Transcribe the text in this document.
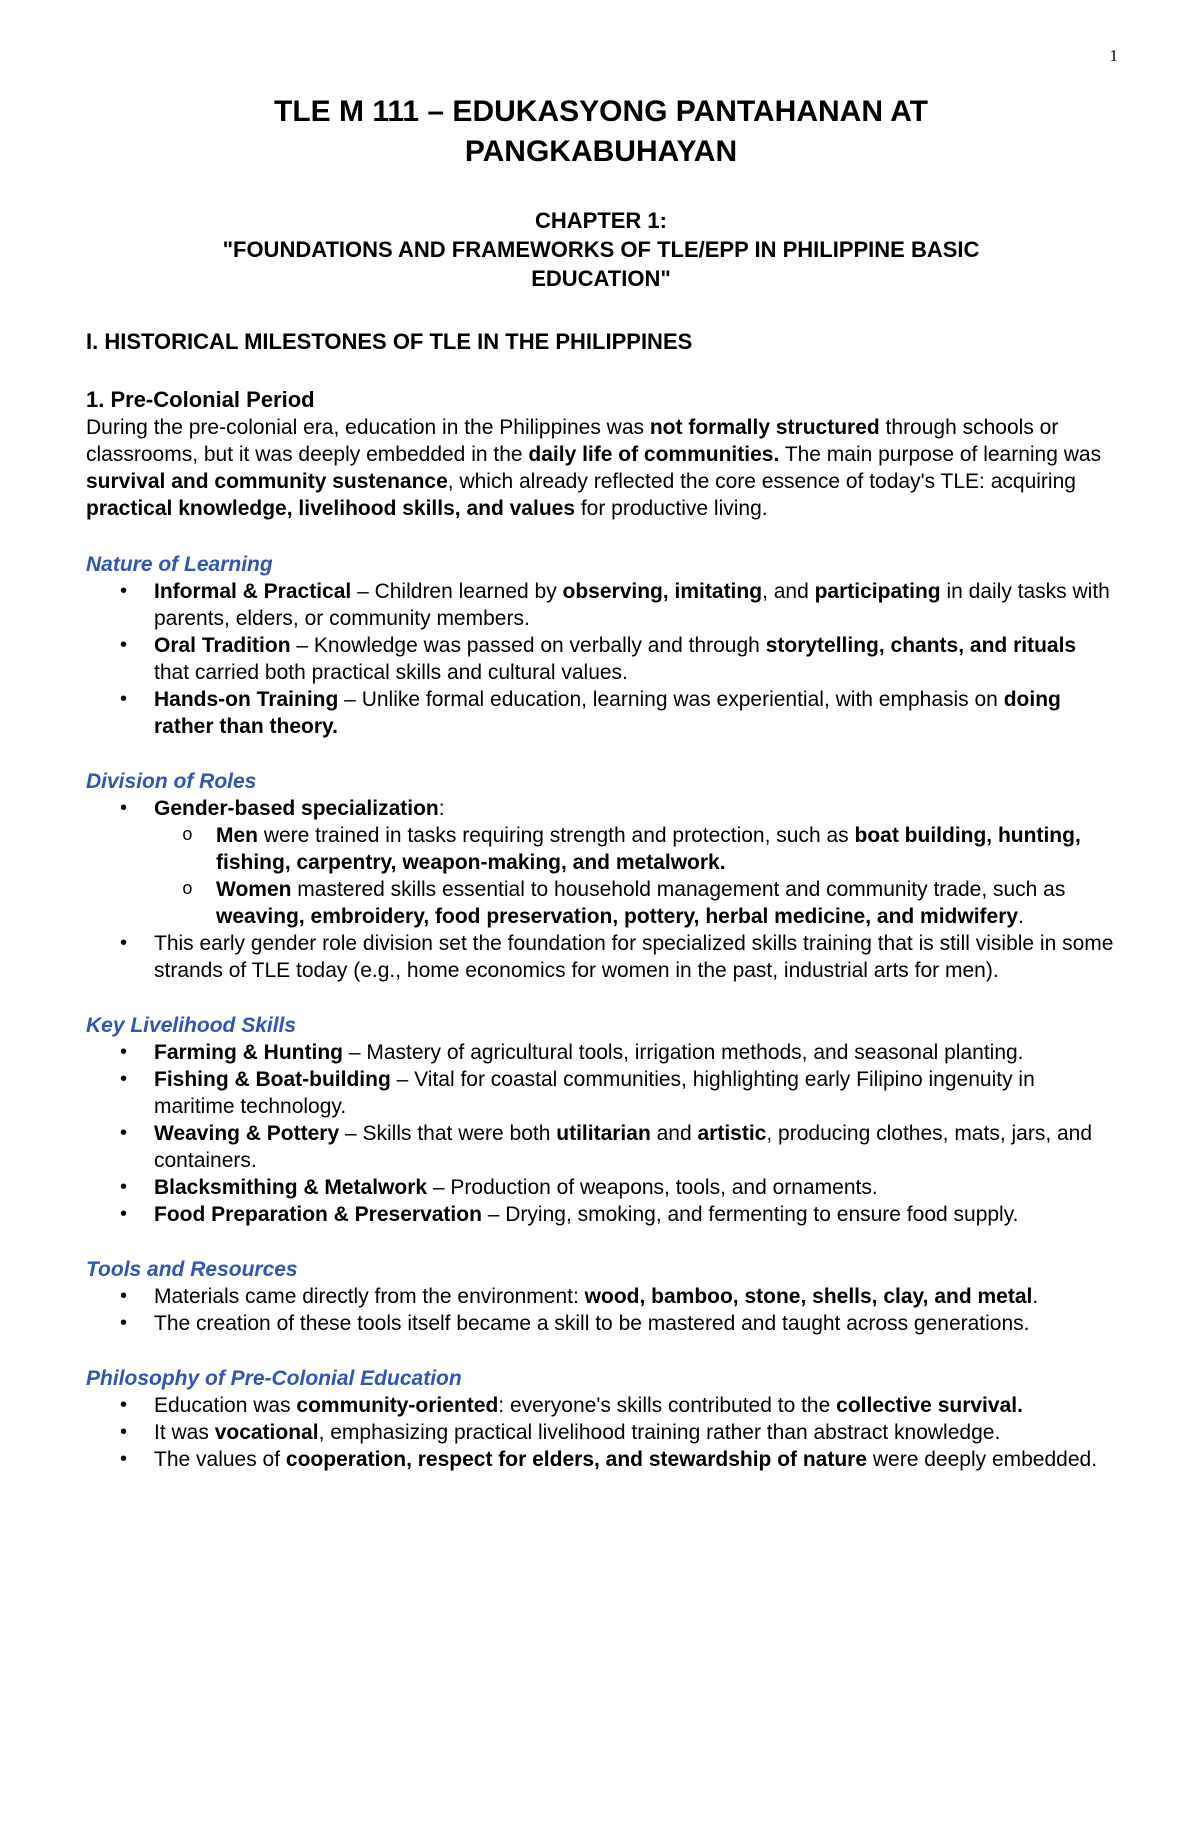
1
TLE M 111 – EDUKASYONG PANTAHANAN AT
PANGKABUHAYAN
CHAPTER 1:
"FOUNDATIONS AND FRAMEWORKS OF TLE/EPP IN PHILIPPINE BASIC
EDUCATION"
I. HISTORICAL MILESTONES OF TLE IN THE PHILIPPINES
1. Pre-Colonial Period

During the pre-colonial era, education in the Philippines was not formally structured through schools or classrooms, but it was deeply embedded in the daily life of communities. The main purpose of learning was survival and community sustenance, which already reflected the core essence of today's TLE: acquiring practical knowledge, livelihood skills, and values for productive living.

Nature of Learning
• Informal & Practical – Children learned by observing, imitating, and participating in daily tasks with parents, elders, or community members.
• Oral Tradition – Knowledge was passed on verbally and through storytelling, chants, and rituals that carried both practical skills and cultural values.
• Hands-on Training – Unlike formal education, learning was experiential, with emphasis on doing rather than theory.
Division of Roles
• Gender-based specialization:
o Men were trained in tasks requiring strength and protection, such as boat building, hunting, fishing, carpentry, weapon-making, and metalwork.
o Women mastered skills essential to household management and community trade, such as weaving, embroidery, food preservation, pottery, herbal medicine, and midwifery.
• This early gender role division set the foundation for specialized skills training that is still visible in some strands of TLE today (e.g., home economics for women in the past, industrial arts for men).
Key Livelihood Skills
• Farming & Hunting – Mastery of agricultural tools, irrigation methods, and seasonal planting.
• Fishing & Boat-building – Vital for coastal communities, highlighting early Filipino ingenuity in maritime technology.
• Weaving & Pottery – Skills that were both utilitarian and artistic, producing clothes, mats, jars, and containers.
• Blacksmithing & Metalwork – Production of weapons, tools, and ornaments.
• Food Preparation & Preservation – Drying, smoking, and fermenting to ensure food supply.
Tools and Resources
• Materials came directly from the environment: wood, bamboo, stone, shells, clay, and metal.
• The creation of these tools itself became a skill to be mastered and taught across generations.
Philosophy of Pre-Colonial Education
• Education was community-oriented: everyone's skills contributed to the collective survival.
• It was vocational, emphasizing practical livelihood training rather than abstract knowledge.
• The values of cooperation, respect for elders, and stewardship of nature were deeply embedded.
